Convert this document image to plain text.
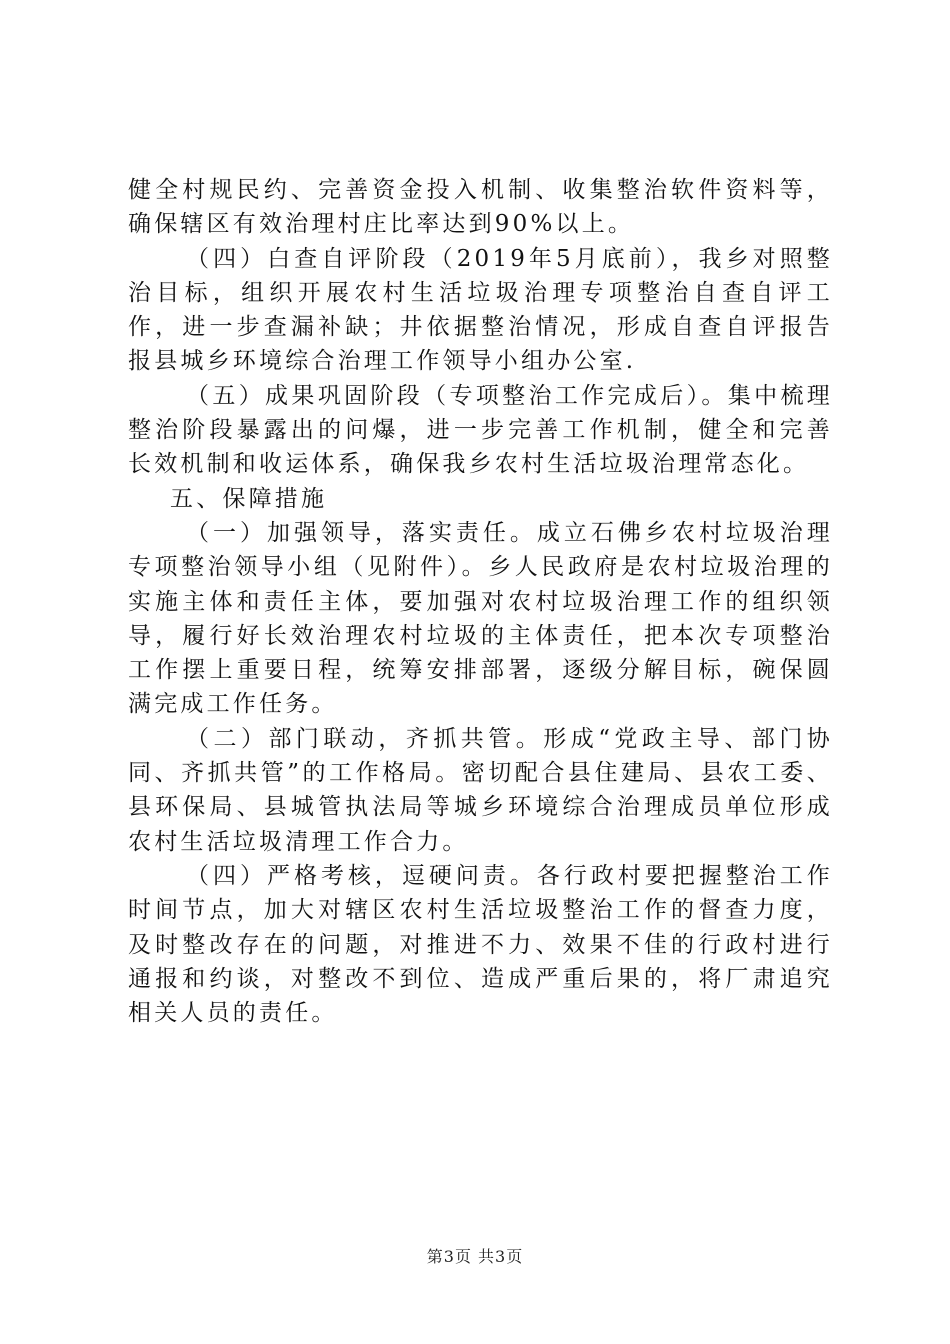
健全村规民约、完善资金投入机制、收集整治软件资料等，确保辖区有效治理村庄比率达到90%以上。

（四）白查自评阶段（2019年5月底前），我乡对照整治目标，组织开展农村生活垃圾治理专项整治自查自评工作，进一步查漏补缺；井依据整治情况，形成自查自评报告报县城乡环境综合治理工作领导小组办公室.

（五）成果巩固阶段（专项整治工作完成后）。集中梳理整治阶段暴露出的问爆，进一步完善工作机制，健全和完善长效机制和收运体系，确保我乡农村生活垃圾治理常态化。

五、保障措施

（一）加强领导，落实责任。成立石佛乡农村垃圾治理专项整治领导小组（见附件）。乡人民政府是农村垃圾治理的实施主体和责任主体，要加强对农村垃圾治理工作的组织领导，履行好长效治理农村垃圾的主体责任，把本次专项整治工作摆上重要日程，统筹安排部署，逐级分解目标，碗保圆满完成工作任务。

（二）部门联动，齐抓共管。形成“党政主导、部门协同、齐抓共管”的工作格局。密切配合县住建局、县农工委、县环保局、县城管执法局等城乡环境综合治理成员单位形成农村生活垃圾清理工作合力。

（四）严格考核，逗硬问责。各行政村要把握整治工作时间节点，加大对辖区农村生活垃圾整治工作的督查力度，及时整改存在的问题，对推进不力、效果不佳的行政村进行通报和约谈，对整改不到位、造成严重后果的，将厂肃追究相关人员的责任。

第3页 共3页
